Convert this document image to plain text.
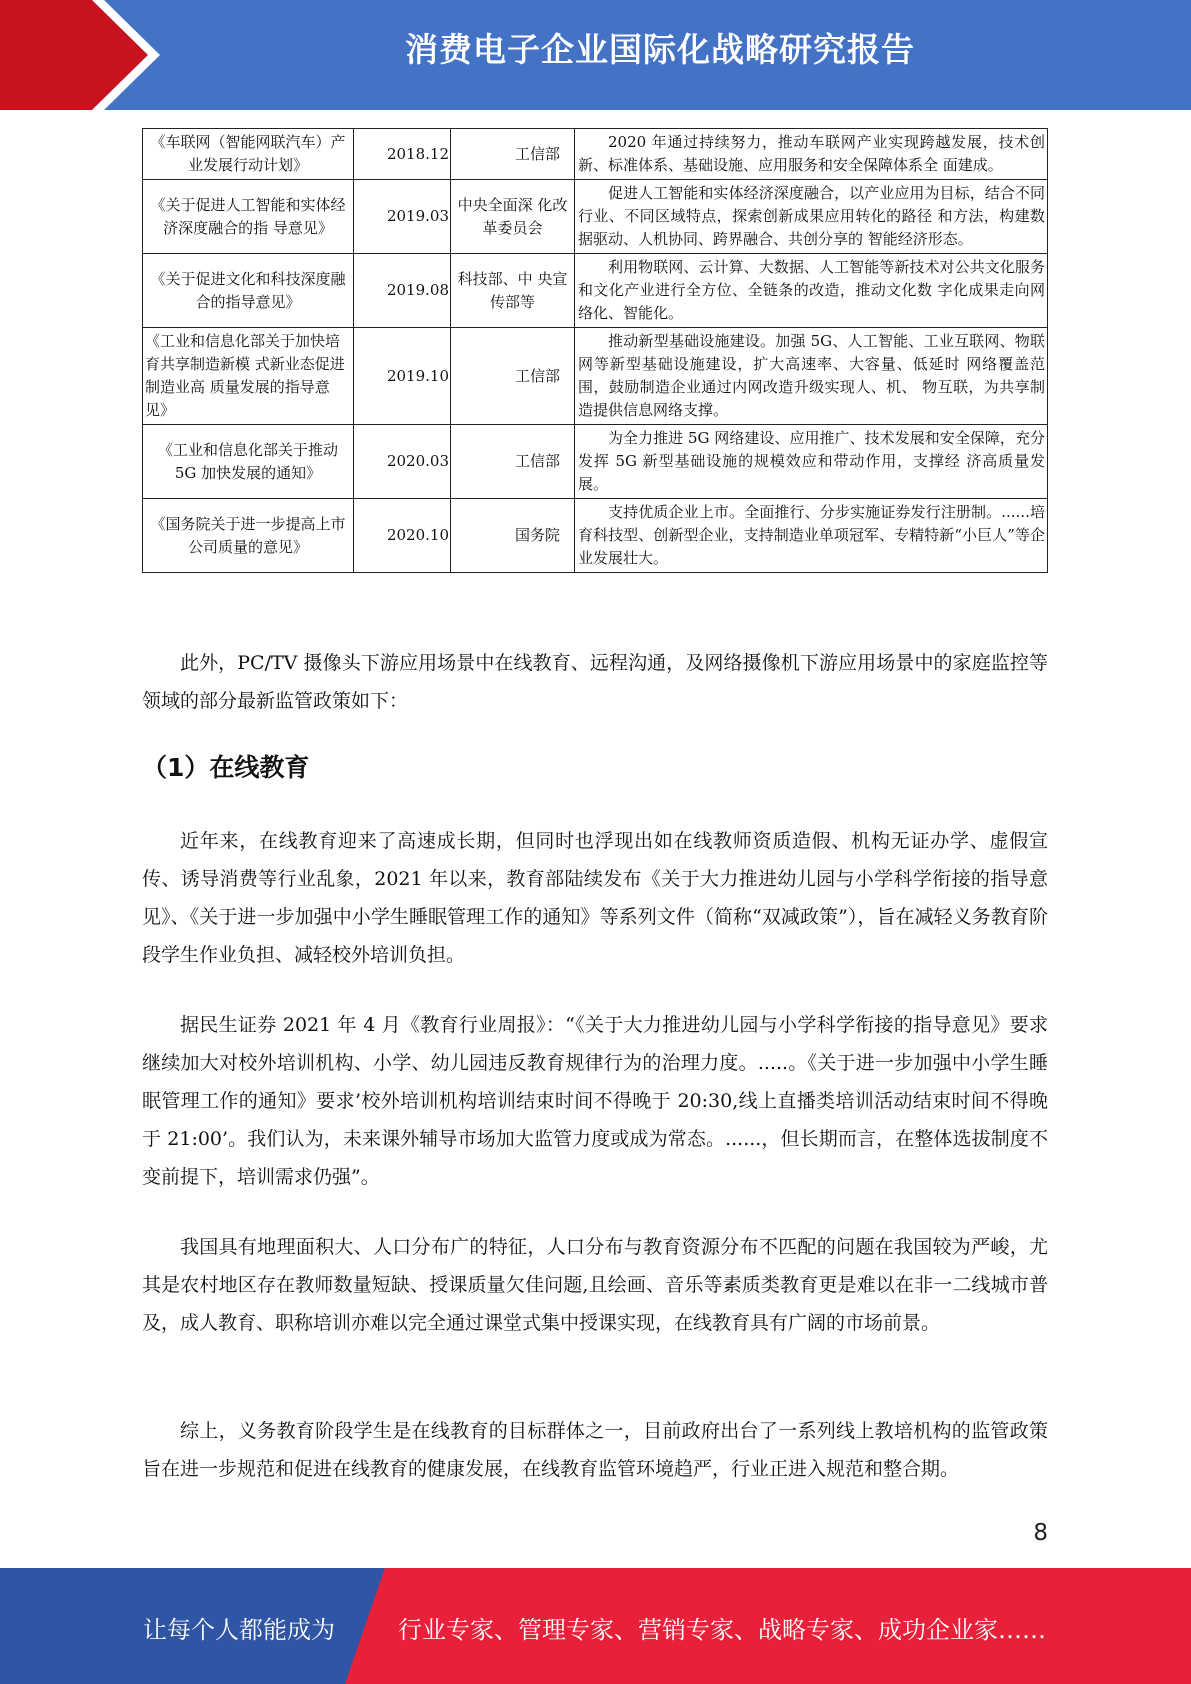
消费电子企业国际化战略研究报告
《车联网（智能网联汽车）产业发展行动计划》	2018.12	工信部	2020 年通过持续努力，推动车联网产业实现跨越发展，技术创新、标准体系、基础设施、应用服务和安全保障体系全 面建成。
《关于促进人工智能和实体经济深度融合的指 导意见》	2019.03	中央全面深 化改革委员会	促进人工智能和实体经济深度融合，以产业应用为目标，结合不同行业、不同区域特点，探索创新成果应用转化的路径 和方法，构建数据驱动、人机协同、跨界融合、共创分享的 智能经济形态。
《关于促进文化和科技深度融合的指导意见》	2019.08	科技部、中 央宣传部等	利用物联网、云计算、大数据、人工智能等新技术对公共文化服务和文化产业进行全方位、全链条的改造，推动文化数 字化成果走向网络化、智能化。
《工业和信息化部关于加快培育共享制造新模 式新业态促进制造业高 质量发展的指导意见》	2019.10	工信部	推动新型基础设施建设。加强 5G、人工智能、工业互联网、物联网等新型基础设施建设，扩大高速率、大容量、低延时 网络覆盖范围，鼓励制造企业通过内网改造升级实现人、机、 物互联，为共享制造提供信息网络支撑。
《工业和信息化部关于推动 5G 加快发展的通知》	2020.03	工信部	为全力推进 5G 网络建设、应用推广、技术发展和安全保障，充分发挥 5G 新型基础设施的规模效应和带动作用，支撑经 济高质量发展。
《国务院关于进一步提高上市公司质量的意见》	2020.10	国务院	支持优质企业上市。全面推行、分步实施证券发行注册制。......培育科技型、创新型企业，支持制造业单项冠军、专精特新“小巨人”等企业发展壮大。

此外，PC/TV 摄像头下游应用场景中在线教育、远程沟通，及网络摄像机下游应用场景中的家庭监控等领域的部分最新监管政策如下：

（1）在线教育

近年来，在线教育迎来了高速成长期，但同时也浮现出如在线教师资质造假、机构无证办学、虚假宣传、诱导消费等行业乱象，2021 年以来，教育部陆续发布《关于大力推进幼儿园与小学科学衔接的指导意见》、《关于进一步加强中小学生睡眠管理工作的通知》等系列文件（简称“双减政策”），旨在减轻义务教育阶段学生作业负担、减轻校外培训负担。

据民生证券 2021 年 4 月《教育行业周报》：“《关于大力推进幼儿园与小学科学衔接的指导意见》要求继续加大对校外培训机构、小学、幼儿园违反教育规律行为的治理力度。.....。《关于进一步加强中小学生睡眠管理工作的通知》要求’校外培训机构培训结束时间不得晚于 20:30,线上直播类培训活动结束时间不得晚于 21:00’。我们认为，未来课外辅导市场加大监管力度或成为常态。......，但长期而言，在整体选拔制度不变前提下，培训需求仍强”。

我国具有地理面积大、人口分布广的特征，人口分布与教育资源分布不匹配的问题在我国较为严峻，尤其是农村地区存在教师数量短缺、授课质量欠佳问题,且绘画、音乐等素质类教育更是难以在非一二线城市普及，成人教育、职称培训亦难以完全通过课堂式集中授课实现，在线教育具有广阔的市场前景。

综上，义务教育阶段学生是在线教育的目标群体之一，目前政府出台了一系列线上教培机构的监管政策旨在进一步规范和促进在线教育的健康发展，在线教育监管环境趋严，行业正进入规范和整合期。

8
让每个人都能成为	行业专家、管理专家、营销专家、战略专家、成功企业家……
